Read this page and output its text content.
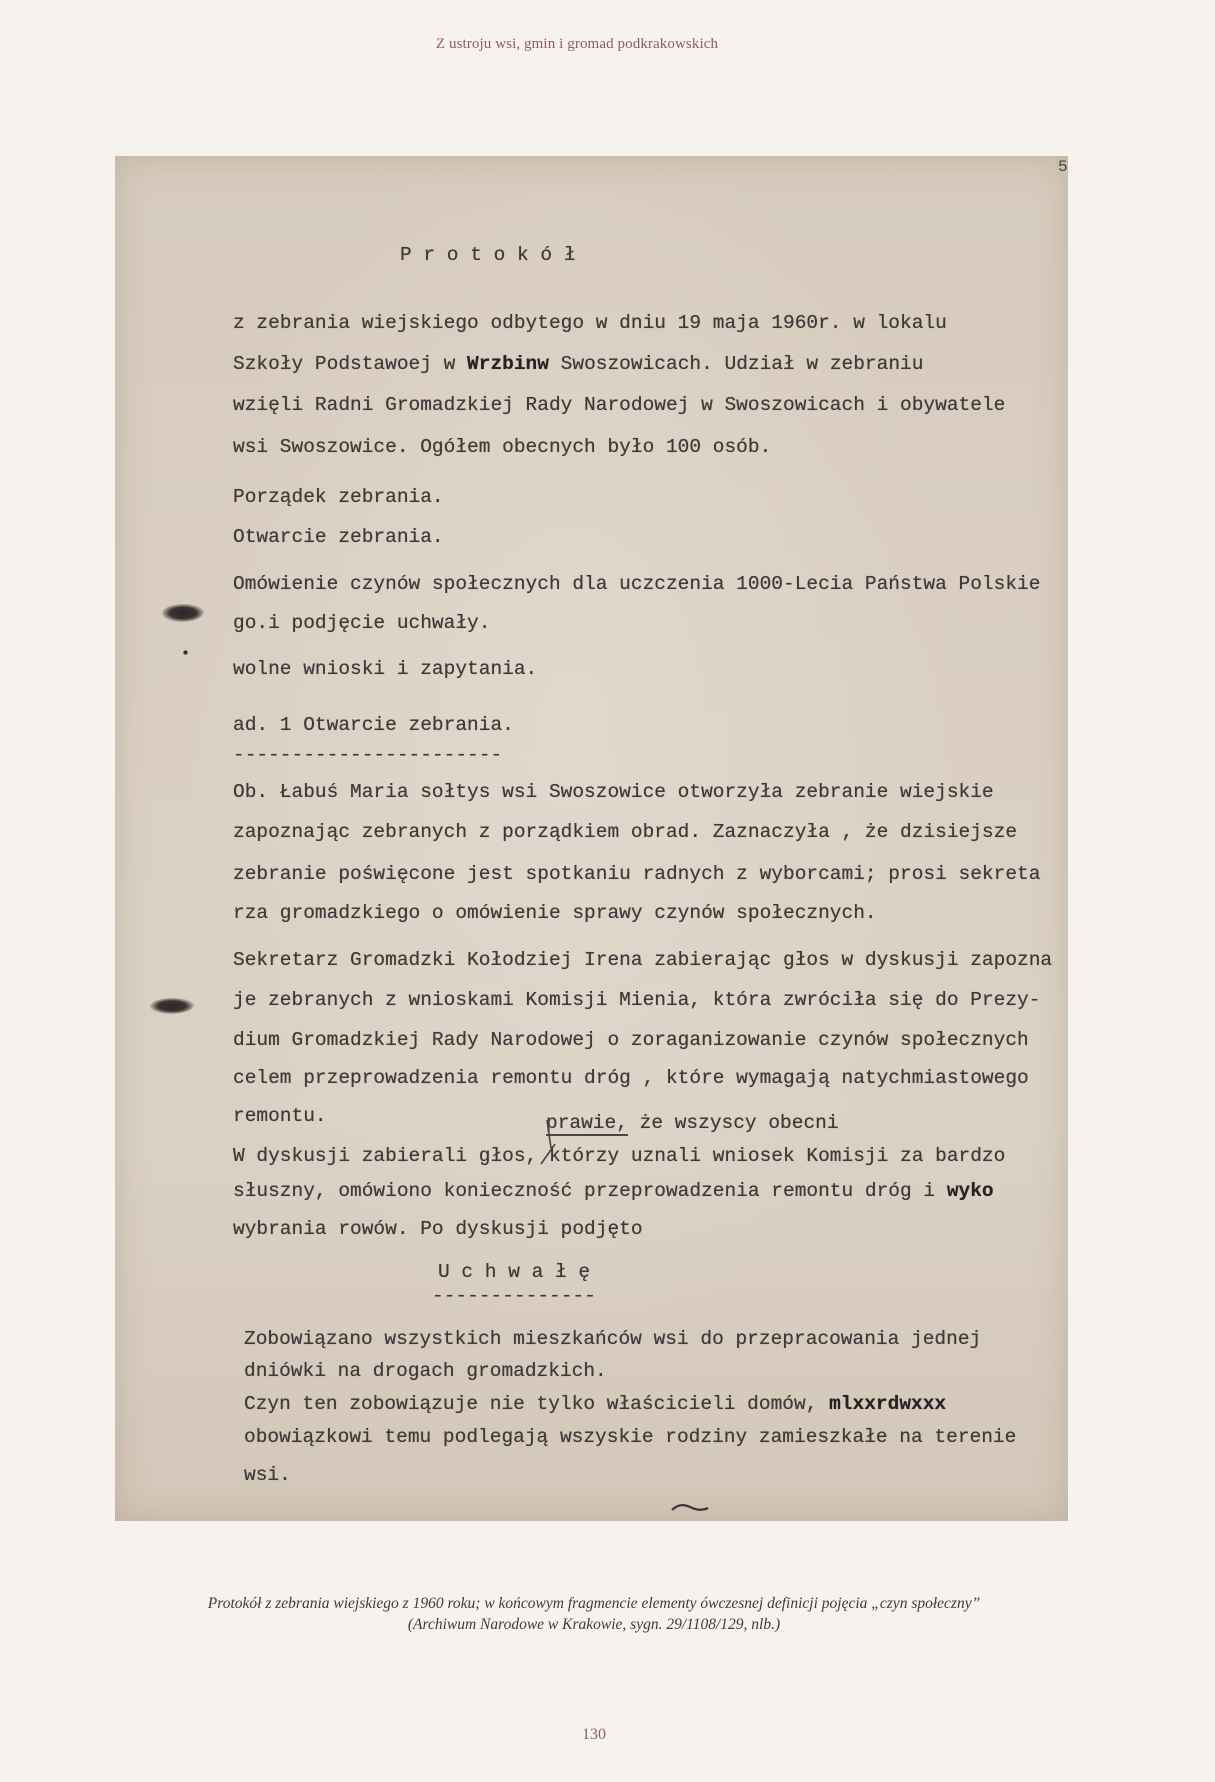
Z ustroju wsi, gmin i gromad podkrakowskich
5
P r o t o k ó ł
z zebrania wiejskiego odbytego w dniu 19 maja 1960r. w lokalu
Szkoły Podstawoej w Wrzbinw Swoszowicach. Udział w zebraniu
wzięli Radni Gromadzkiej Rady Narodowej w Swoszowicach i obywatele
wsi Swoszowice. Ogółem obecnych było 100 osób.
Porządek zebrania.
Otwarcie zebrania.
Omówienie czynów społecznych dla uczczenia 1000-Lecia Państwa Polskie
go.i podjęcie uchwały.
wolne wnioski i zapytania.
ad. 1 Otwarcie zebrania.
-----------------------
Ob. Łabuś Maria sołtys wsi Swoszowice otworzyła zebranie wiejskie
zapoznając zebranych z porządkiem obrad. Zaznaczyła , że dzisiejsze
zebranie poświęcone jest spotkaniu radnych z wyborcami; prosi sekreta
rza gromadzkiego o omówienie sprawy czynów społecznych.
Sekretarz Gromadzki Kołodziej Irena zabierając głos w dyskusji zapozna
je zebranych z wnioskami Komisji Mienia, która zwróciła się do Prezy-
dium Gromadzkiej Rady Narodowej o zoraganizowanie czynów społecznych
celem przeprowadzenia remontu dróg , które wymagają natychmiastowego
remontu.	prawie, że wszyscy obecni
W dyskusji zabierali głos, którzy uznali wniosek Komisji za bardzo
słuszny, omówiono konieczność przeprowadzenia remontu dróg i wyko
wybrania rowów. Po dyskusji podjęto
U c h w a ł ę
--------------
Zobowiązano wszystkich mieszkańców wsi do przepracowania jednej
dniówki na drogach gromadzkich.
Czyn ten zobowiązuje nie tylko właścicieli domów, mlxxrdwxxx
obowiązkowi temu podlegają wszyskie rodziny zamieszkałe na terenie
wsi.
Protokół z zebrania wiejskiego z 1960 roku; w końcowym fragmencie elementy ówczesnej definicji pojęcia „czyn społeczny”
(Archiwum Narodowe w Krakowie, sygn. 29/1108/129, nlb.)
130
